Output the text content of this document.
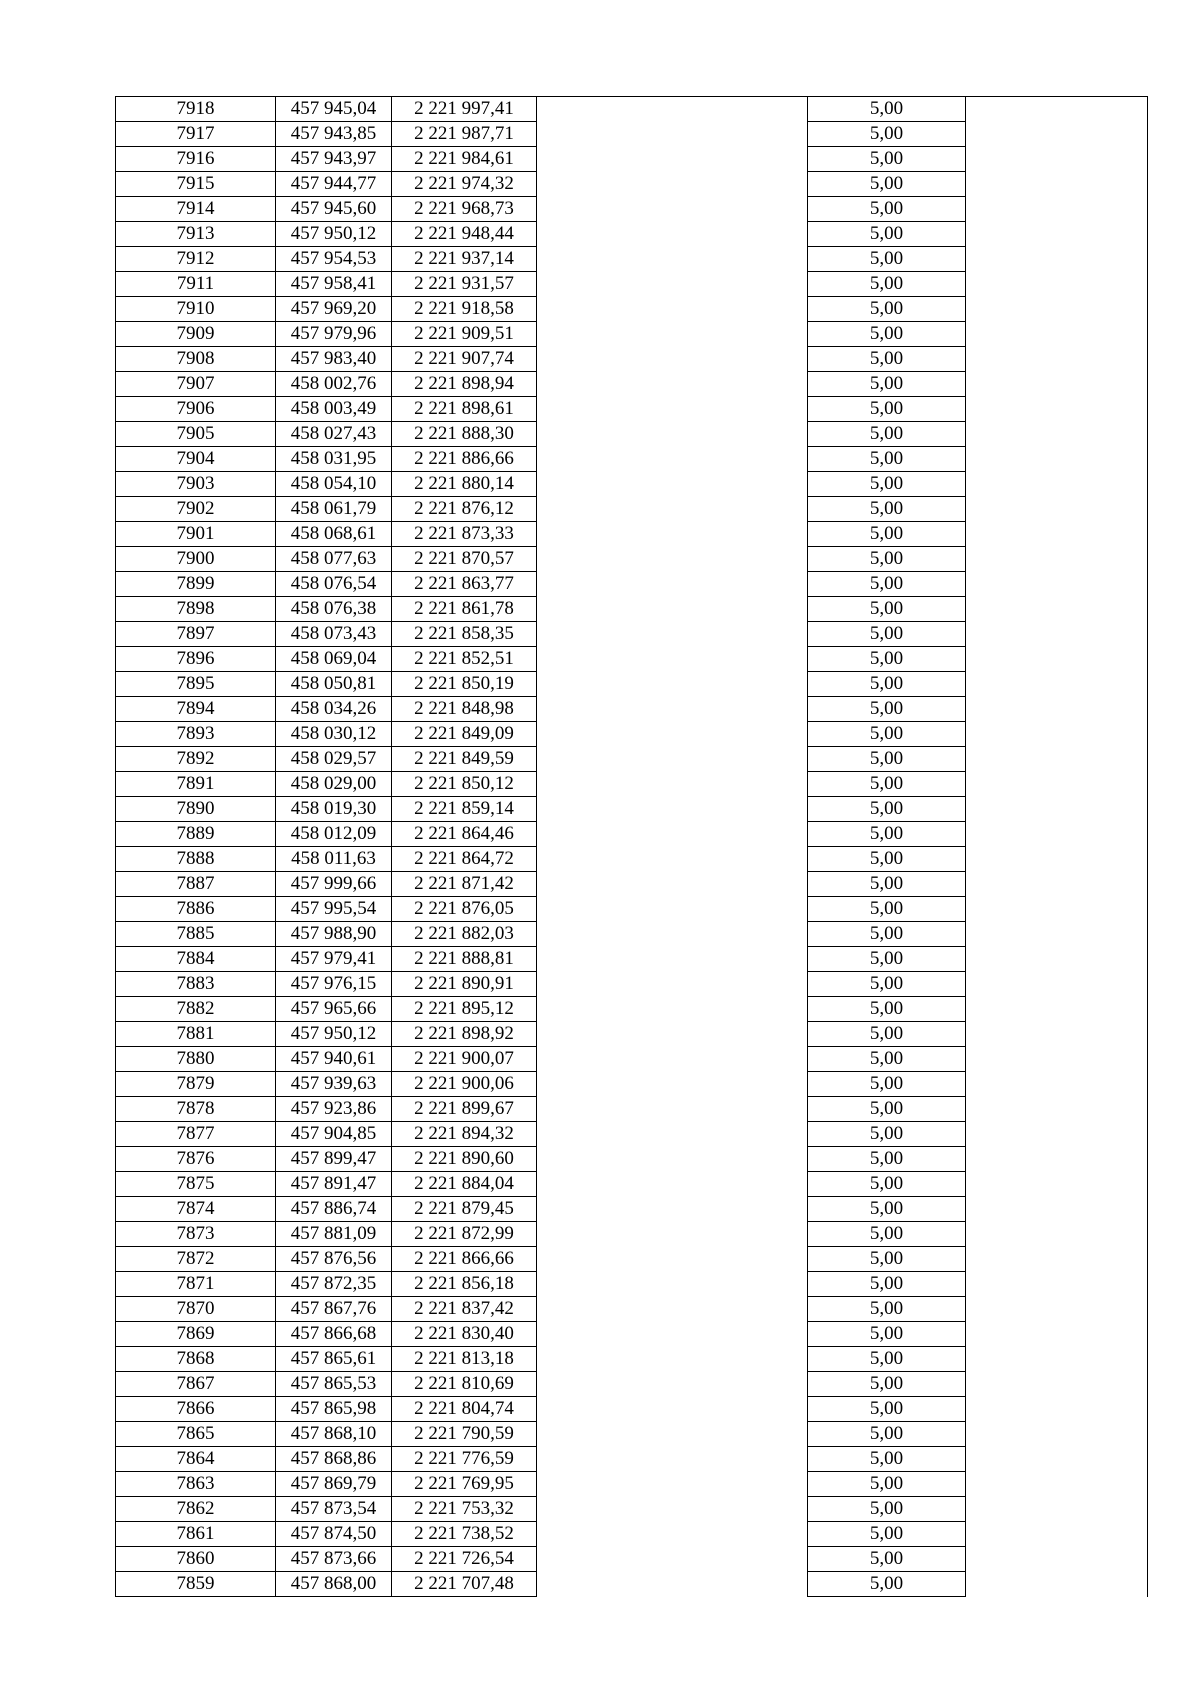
7918	457 945,04	2 221 997,41		5,00	
7917	457 943,85	2 221 987,71		5,00	
7916	457 943,97	2 221 984,61		5,00	
7915	457 944,77	2 221 974,32		5,00	
7914	457 945,60	2 221 968,73		5,00	
7913	457 950,12	2 221 948,44		5,00	
7912	457 954,53	2 221 937,14		5,00	
7911	457 958,41	2 221 931,57		5,00	
7910	457 969,20	2 221 918,58		5,00	
7909	457 979,96	2 221 909,51		5,00	
7908	457 983,40	2 221 907,74		5,00	
7907	458 002,76	2 221 898,94		5,00	
7906	458 003,49	2 221 898,61		5,00	
7905	458 027,43	2 221 888,30		5,00	
7904	458 031,95	2 221 886,66		5,00	
7903	458 054,10	2 221 880,14		5,00	
7902	458 061,79	2 221 876,12		5,00	
7901	458 068,61	2 221 873,33		5,00	
7900	458 077,63	2 221 870,57		5,00	
7899	458 076,54	2 221 863,77		5,00	
7898	458 076,38	2 221 861,78		5,00	
7897	458 073,43	2 221 858,35		5,00	
7896	458 069,04	2 221 852,51		5,00	
7895	458 050,81	2 221 850,19		5,00	
7894	458 034,26	2 221 848,98		5,00	
7893	458 030,12	2 221 849,09		5,00	
7892	458 029,57	2 221 849,59		5,00	
7891	458 029,00	2 221 850,12		5,00	
7890	458 019,30	2 221 859,14		5,00	
7889	458 012,09	2 221 864,46		5,00	
7888	458 011,63	2 221 864,72		5,00	
7887	457 999,66	2 221 871,42		5,00	
7886	457 995,54	2 221 876,05		5,00	
7885	457 988,90	2 221 882,03		5,00	
7884	457 979,41	2 221 888,81		5,00	
7883	457 976,15	2 221 890,91		5,00	
7882	457 965,66	2 221 895,12		5,00	
7881	457 950,12	2 221 898,92		5,00	
7880	457 940,61	2 221 900,07		5,00	
7879	457 939,63	2 221 900,06		5,00	
7878	457 923,86	2 221 899,67		5,00	
7877	457 904,85	2 221 894,32		5,00	
7876	457 899,47	2 221 890,60		5,00	
7875	457 891,47	2 221 884,04		5,00	
7874	457 886,74	2 221 879,45		5,00	
7873	457 881,09	2 221 872,99		5,00	
7872	457 876,56	2 221 866,66		5,00	
7871	457 872,35	2 221 856,18		5,00	
7870	457 867,76	2 221 837,42		5,00	
7869	457 866,68	2 221 830,40		5,00	
7868	457 865,61	2 221 813,18		5,00	
7867	457 865,53	2 221 810,69		5,00	
7866	457 865,98	2 221 804,74		5,00	
7865	457 868,10	2 221 790,59		5,00	
7864	457 868,86	2 221 776,59		5,00	
7863	457 869,79	2 221 769,95		5,00	
7862	457 873,54	2 221 753,32		5,00	
7861	457 874,50	2 221 738,52		5,00	
7860	457 873,66	2 221 726,54		5,00	
7859	457 868,00	2 221 707,48		5,00	
